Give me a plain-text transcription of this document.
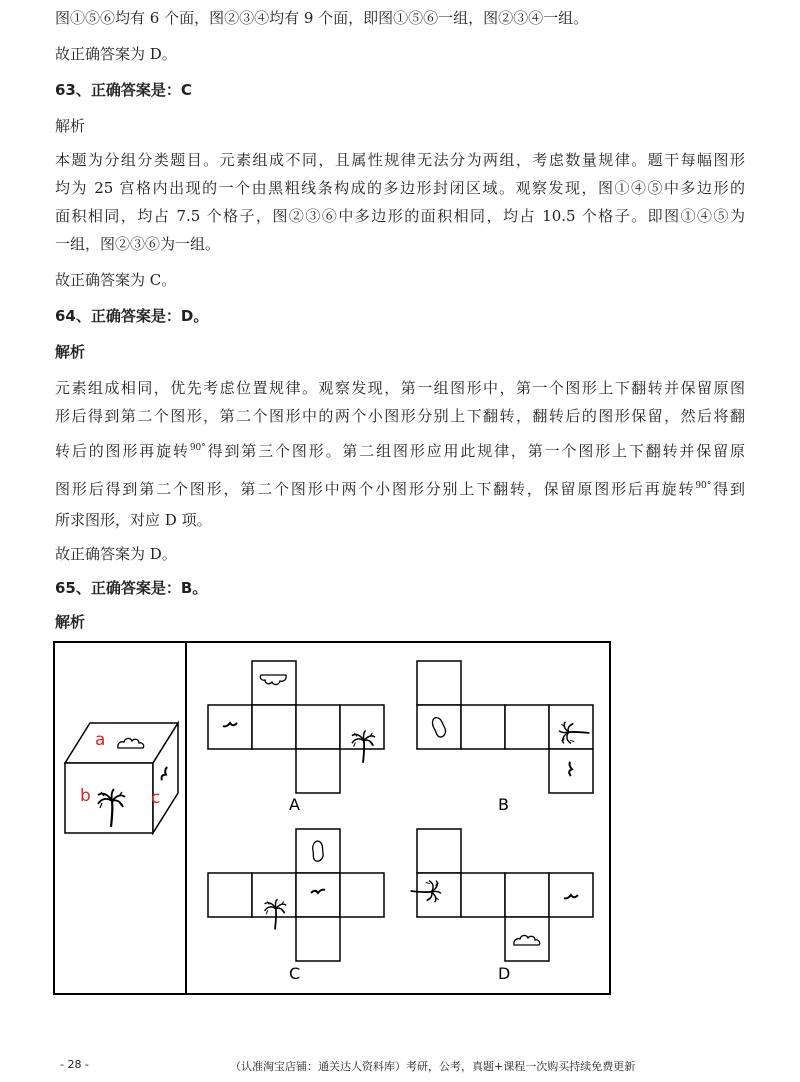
图①⑤⑥均有 6 个面，图②③④均有 9 个面，即图①⑤⑥一组，图②③④一组。
故正确答案为 D。
63、正确答案是：C
解析
本题为分组分类题目。元素组成不同，且属性规律无法分为两组，考虑数量规律。题干每幅图形
均为 25 宫格内出现的一个由黑粗线条构成的多边形封闭区域。观察发现，图①④⑤中多边形的
面积相同，均占 7.5 个格子，图②③⑥中多边形的面积相同，均占 10.5 个格子。即图①④⑤为
一组，图②③⑥为一组。
故正确答案为 C。
64、正确答案是：D。
解析
元素组成相同，优先考虑位置规律。观察发现，第一组图形中，第一个图形上下翻转并保留原图
形后得到第二个图形，第二个图形中的两个小图形分别上下翻转，翻转后的图形保留，然后将翻
转后的图形再旋转$^{90^\circ}$得到第三个图形。第二组图形应用此规律，第一个图形上下翻转并保留原
图形后得到第二个图形，第二个图形中两个小图形分别上下翻转，保留原图形后再旋转$^{90^\circ}$得到
所求图形，对应 D 项。
故正确答案为 D。
65、正确答案是：B。
解析
a
b	c	A	B
C	D
- 28 -	（认准淘宝店铺：通关达人资料库）考研，公考，真题+课程一次购买持续免费更新
